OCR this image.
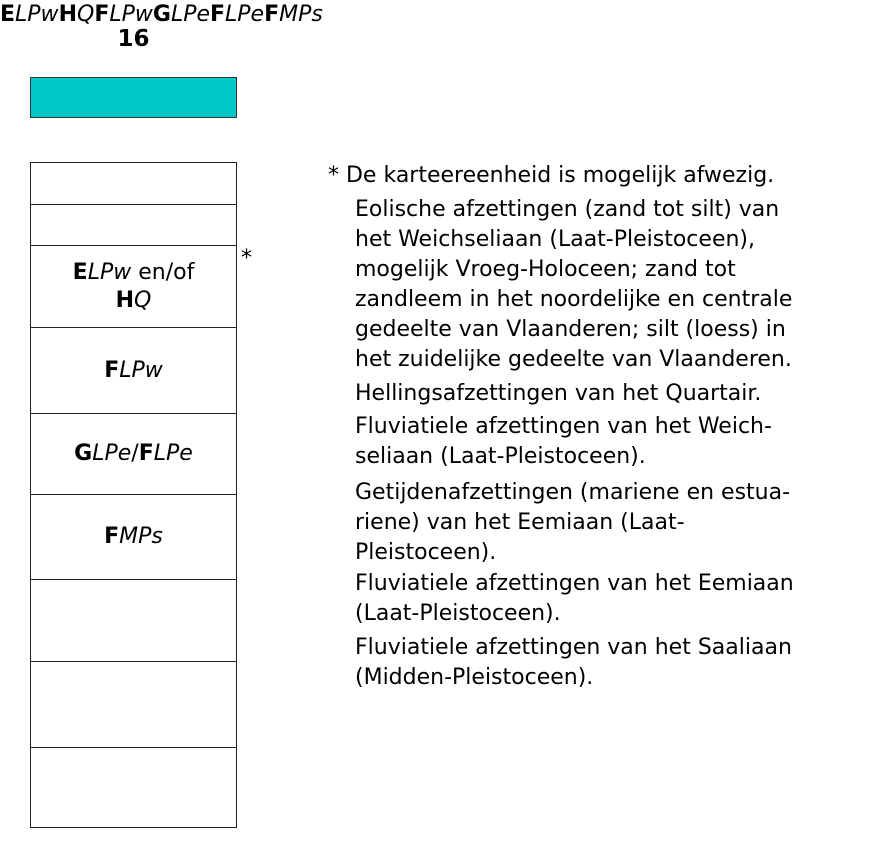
16
ELPw en/of
HQ
FLPw
GLPe/FLPe
FMPs
*
* De karteereenheid is mogelijk afwezig.
ELPw
Eolische afzettingen (zand tot silt) van
het Weichseliaan (Laat-Pleistoceen),
mogelijk Vroeg-Holoceen; zand tot
zandleem in het noordelijke en centrale
gedeelte van Vlaanderen; silt (loess) in
het zuidelijke gedeelte van Vlaanderen.
HQ
Hellingsafzettingen van het Quartair.
FLPw
Fluviatiele afzettingen van het Weich-
seliaan (Laat-Pleistoceen).
GLPe
Getijdenafzettingen (mariene en estua-
riene) van het Eemiaan (Laat-
Pleistoceen).
FLPe
Fluviatiele afzettingen van het Eemiaan
(Laat-Pleistoceen).
FMPs
Fluviatiele afzettingen van het Saaliaan
(Midden-Pleistoceen).
